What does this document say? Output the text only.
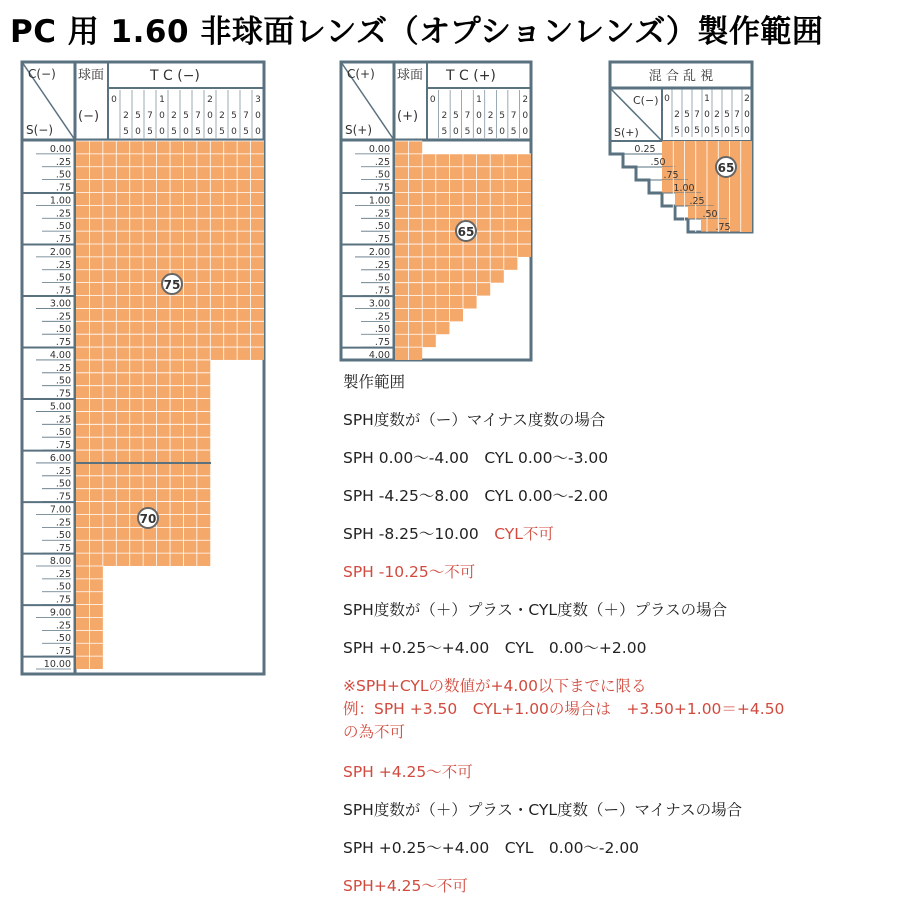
PC 用 1.60 非球面レンズ（オプションレンズ）製作範囲
C(−)
S(−)
球面	T C (−)
(−)
0
2
5
5
0
7
5
1
0
0
2
5
5
0
7
5
2
0
0
2
5
5
0
7
5
3
0
0
0.00
.25
.50
.75
1.00
.25
.50
.75
2.00
.25
.50
.75
3.00
.25
.50
.75
4.00
.25
.50
.75
5.00
.25
.50
.75
6.00
.25
.50
.75
7.00
.25
.50
.75
8.00
.25
.50
.75
9.00
.25
.50
.75
10.00
75
70
C(+)
S(+)
球面 T C (+)
(+)
0
2
5
5
0
7
5
1
0
0
2
5
5
0
7
5
2
0
0
0.00
.25
.50
.75
1.00
.25
.50
.75
2.00
.25
.50
.75
3.00
.25
.50
.75
4.00
65
混 合 乱 視
C(−)
S(+)
0
2
5
5
0
7
5
1
0
0
2
5
5
0
7
5
2
0
0
0.25
.50
.75
1.00
.25
.50
.75
65
製作範囲
SPH度数が（ー）マイナス度数の場合
SPH 0.00〜-4.00　CYL 0.00〜-3.00
SPH -4.25〜8.00　CYL 0.00〜-2.00
SPH -8.25〜10.00　CYL不可
SPH -10.25〜不可
SPH度数が（＋）プラス・CYL度数（＋）プラスの場合
SPH +0.25〜+4.00　CYL　0.00〜+2.00
※SPH+CYLの数値が+4.00以下までに限る
例：SPH +3.50　CYL+1.00の場合は　+3.50+1.00＝+4.50
の為不可
SPH +4.25〜不可
SPH度数が（＋）プラス・CYL度数（ー）マイナスの場合
SPH +0.25〜+4.00　CYL　0.00〜-2.00
SPH+4.25〜不可
